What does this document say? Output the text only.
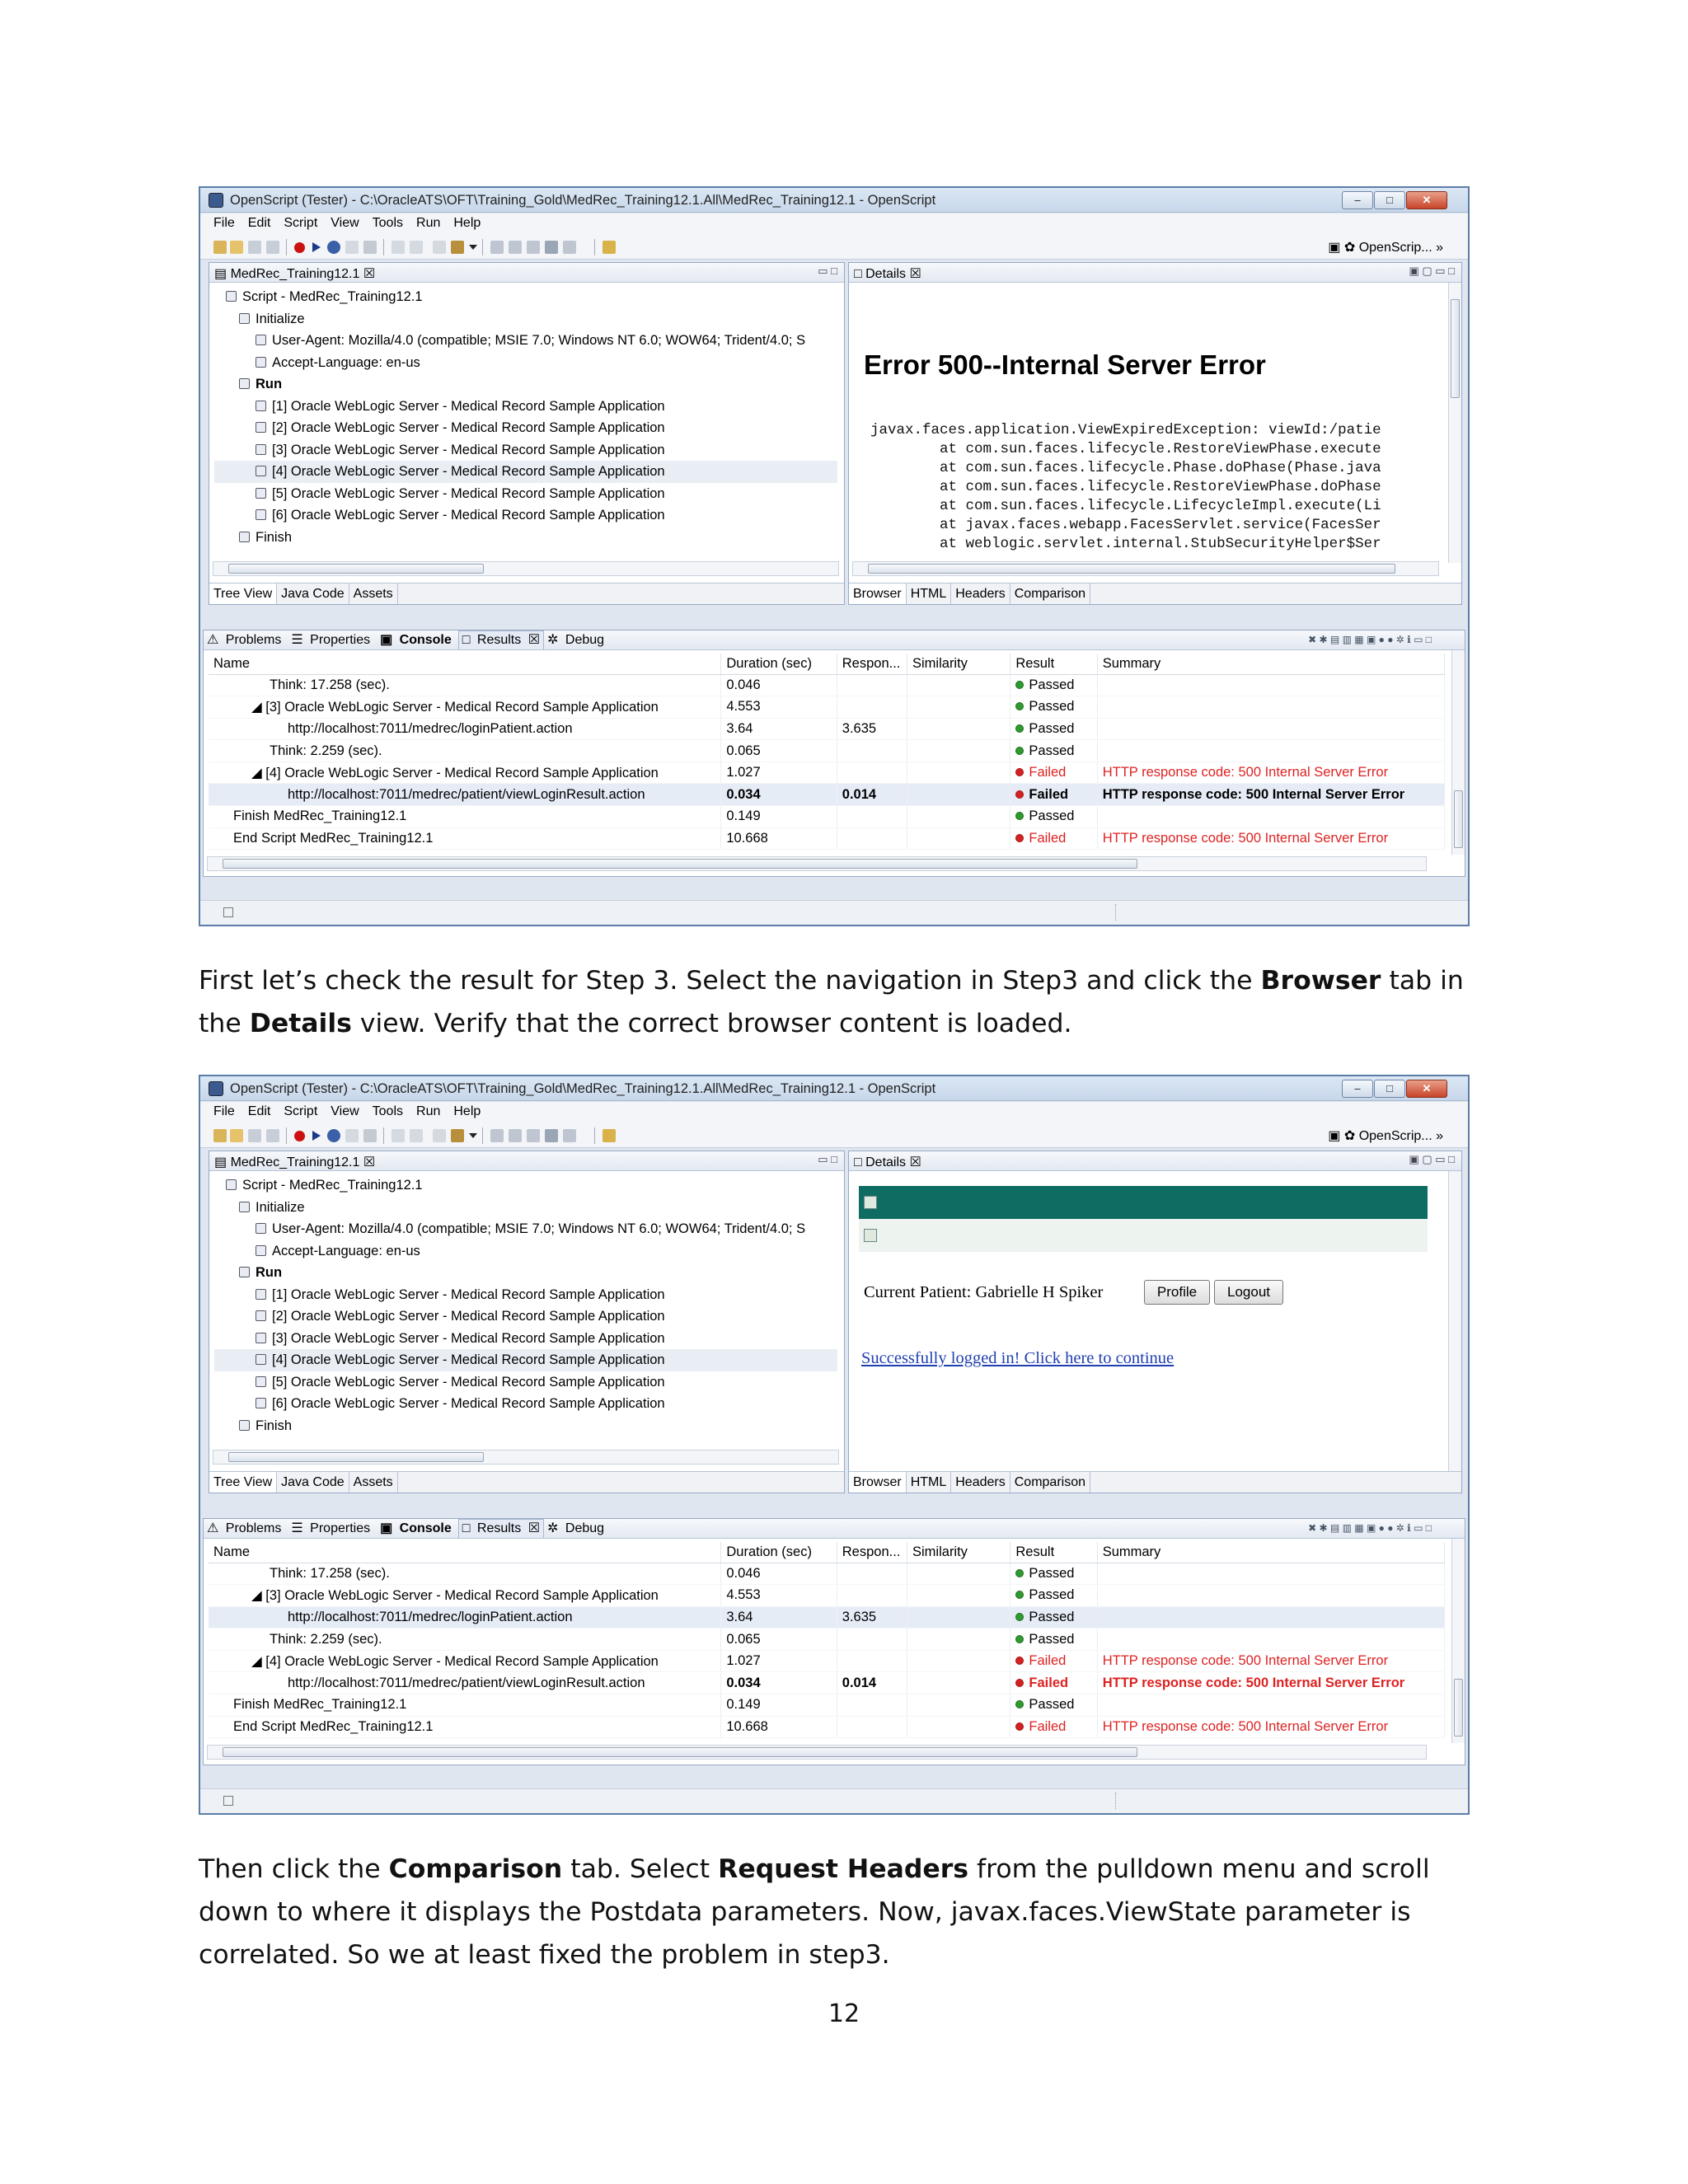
OpenScript (Tester) - C:\OracleATS\OFT\Training_Gold\MedRec_Training12.1.All\MedRec_Training12.1 - OpenScript	–	□	✕
File Edit Script View Tools Run Help
▣ ✿ OpenScrip... »
▤ MedRec_Training12.1 ☒	▭ □
Script - MedRec_Training12.1
Initialize
User-Agent: Mozilla/4.0 (compatible; MSIE 7.0; Windows NT 6.0; WOW64; Trident/4.0; S
Accept-Language: en-us
Run
[1] Oracle WebLogic Server - Medical Record Sample Application
[2] Oracle WebLogic Server - Medical Record Sample Application
[3] Oracle WebLogic Server - Medical Record Sample Application
[4] Oracle WebLogic Server - Medical Record Sample Application
[5] Oracle WebLogic Server - Medical Record Sample Application
[6] Oracle WebLogic Server - Medical Record Sample Application
Finish
Tree View Java Code Assets
□ Details ☒	▣ ▢ ▭ □
Error 500--Internal Server Error
javax.faces.application.ViewExpiredException: viewId:/patie
at com.sun.faces.lifecycle.RestoreViewPhase.execute
at com.sun.faces.lifecycle.Phase.doPhase(Phase.java
at com.sun.faces.lifecycle.RestoreViewPhase.doPhase
at com.sun.faces.lifecycle.LifecycleImpl.execute(Li
at javax.faces.webapp.FacesServlet.service(FacesSer
at weblogic.servlet.internal.StubSecurityHelper$Ser
Browser HTML Headers Comparison
⚠ Problems ☰ Properties ▣ Console □ Results ☒ ✲ Debug	✖ ✱ ▤ ▥ ▦ ▣ ● ● ✲ ℹ ▭ □
Name	Duration (sec)	Respon...	Similarity	Result	Summary
Think: 17.258 (sec).	0.046			Passed	
◢ [3] Oracle WebLogic Server - Medical Record Sample Application	4.553			Passed	
http://localhost:7011/medrec/loginPatient.action	3.64	3.635		Passed	
Think: 2.259 (sec).	0.065			Passed	
◢ [4] Oracle WebLogic Server - Medical Record Sample Application	1.027			Failed	HTTP response code: 500 Internal Server Error
http://localhost:7011/medrec/patient/viewLoginResult.action	0.034	0.014		Failed	HTTP response code: 500 Internal Server Error
Finish MedRec_Training12.1	0.149			Passed	
End Script MedRec_Training12.1	10.668			Failed	HTTP response code: 500 Internal Server Error
First let’s check the result for Step 3. Select the navigation in Step3 and click the Browser tab in the Details view. Verify that the correct browser content is loaded.
OpenScript (Tester) - C:\OracleATS\OFT\Training_Gold\MedRec_Training12.1.All\MedRec_Training12.1 - OpenScript	–	□	✕
File Edit Script View Tools Run Help
▣ ✿ OpenScrip... »
▤ MedRec_Training12.1 ☒	▭ □
Script - MedRec_Training12.1
Initialize
User-Agent: Mozilla/4.0 (compatible; MSIE 7.0; Windows NT 6.0; WOW64; Trident/4.0; S
Accept-Language: en-us
Run
[1] Oracle WebLogic Server - Medical Record Sample Application
[2] Oracle WebLogic Server - Medical Record Sample Application
[3] Oracle WebLogic Server - Medical Record Sample Application
[4] Oracle WebLogic Server - Medical Record Sample Application
[5] Oracle WebLogic Server - Medical Record Sample Application
[6] Oracle WebLogic Server - Medical Record Sample Application
Finish
Tree View Java Code Assets
□ Details ☒	▣ ▢ ▭ □
Current Patient: Gabrielle H Spiker	Profile	Logout
Successfully logged in! Click here to continue
Browser HTML Headers Comparison
⚠ Problems ☰ Properties ▣ Console □ Results ☒ ✲ Debug	✖ ✱ ▤ ▥ ▦ ▣ ● ● ✲ ℹ ▭ □
Name	Duration (sec)	Respon...	Similarity	Result	Summary
Think: 17.258 (sec).	0.046			Passed	
◢ [3] Oracle WebLogic Server - Medical Record Sample Application	4.553			Passed	
http://localhost:7011/medrec/loginPatient.action	3.64	3.635		Passed	
Think: 2.259 (sec).	0.065			Passed	
◢ [4] Oracle WebLogic Server - Medical Record Sample Application	1.027			Failed	HTTP response code: 500 Internal Server Error
http://localhost:7011/medrec/patient/viewLoginResult.action	0.034	0.014		Failed	HTTP response code: 500 Internal Server Error
Finish MedRec_Training12.1	0.149			Passed	
End Script MedRec_Training12.1	10.668			Failed	HTTP response code: 500 Internal Server Error
Then click the Comparison tab. Select Request Headers from the pulldown menu and scroll down to where it displays the Postdata parameters. Now, javax.faces.ViewState parameter is correlated. So we at least fixed the problem in step3.
12
